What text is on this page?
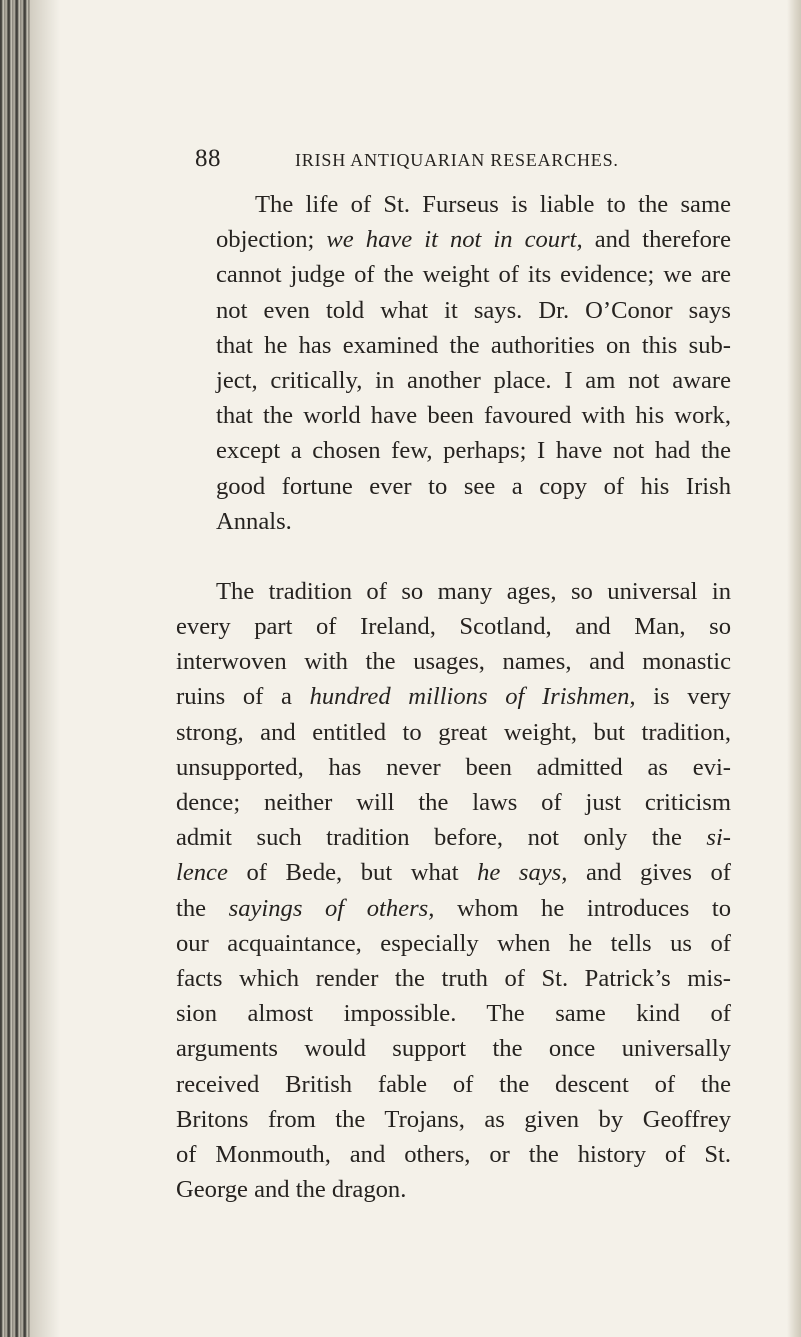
88	IRISH ANTIQUARIAN RESEARCHES.

The life of St. Furseus is liable to the same
objection; we have it not in court, and therefore
cannot judge of the weight of its evidence; we are
not even told what it says. Dr. O’Conor says
that he has examined the authorities on this sub-
ject, critically, in another place. I am not aware
that the world have been favoured with his work,
except a chosen few, perhaps; I have not had the
good fortune ever to see a copy of his Irish
Annals.

The tradition of so many ages, so universal in
every part of Ireland, Scotland, and Man, so
interwoven with the usages, names, and monastic
ruins of a hundred millions of Irishmen, is very
strong, and entitled to great weight, but tradition,
unsupported, has never been admitted as evi-
dence; neither will the laws of just criticism
admit such tradition before, not only the si-
lence of Bede, but what he says, and gives of
the sayings of others, whom he introduces to
our acquaintance, especially when he tells us of
facts which render the truth of St. Patrick’s mis-
sion almost impossible. The same kind of
arguments would support the once universally
received British fable of the descent of the
Britons from the Trojans, as given by Geoffrey
of Monmouth, and others, or the history of St.
George and the dragon.
